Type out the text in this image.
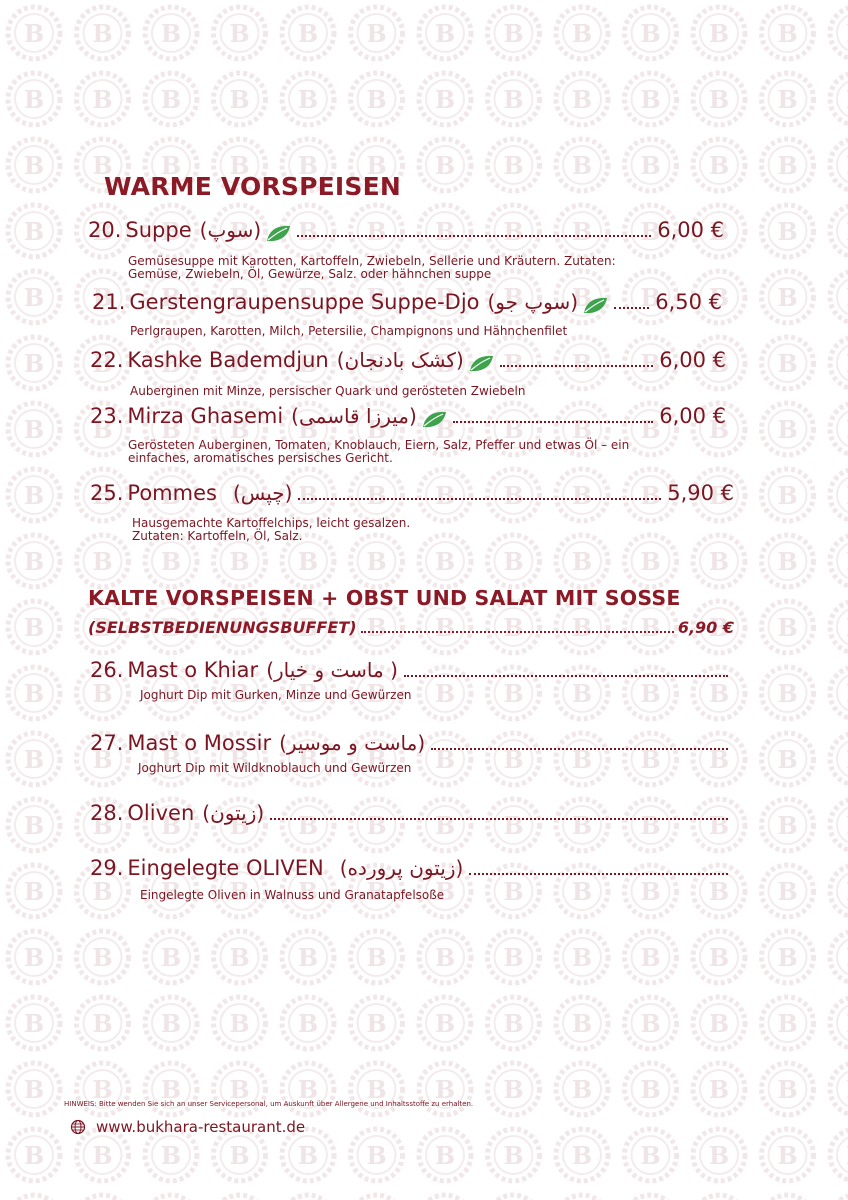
WARME VORSPEISEN
20. Suppe (سوپ)	6,00 €

Gemüsesuppe mit Karotten, Kartoffeln, Zwiebeln, Sellerie und Kräutern. Zutaten:
Gemüse, Zwiebeln, Öl, Gewürze, Salz. oder hähnchen suppe

21. Gerstengraupensuppe Suppe-Djo (سوپ جو)	6,50 €

Perlgraupen, Karotten, Milch, Petersilie, Champignons und Hähnchenfilet

22. Kashke Bademdjun (کشک بادنجان)	6,00 €

Auberginen mit Minze, persischer Quark und gerösteten Zwiebeln

23. Mirza Ghasemi (میرزا قاسمی)	6,00 €

Gerösteten Auberginen, Tomaten, Knoblauch, Eiern, Salz, Pfeffer und etwas Öl – ein
einfaches, aromatisches persisches Gericht.

25. Pommes (چپس)	5,90 €

Hausgemachte Kartoffelchips, leicht gesalzen.
Zutaten: Kartoffeln, Öl, Salz.

KALTE VORSPEISEN + OBST UND SALAT MIT SOSSE
(SELBSTBEDIENUNGSBUFFET)	6,90 €
26. Mast o Khiar ( ماست و خیار)

Joghurt Dip mit Gurken, Minze und Gewürzen

27. Mast o Mossir (ماست و موسیر)

Joghurt Dip mit Wildknoblauch und Gewürzen

28. Oliven (زیتون)
29. Eingelegte OLIVEN (زیتون پرورده)

Eingelegte Oliven in Walnuss und Granatapfelsoße

HINWEIS: Bitte wenden Sie sich an unser Servicepersonal, um Auskunft über Allergene und Inhaltsstoffe zu erhalten.
www.bukhara-restaurant.de
